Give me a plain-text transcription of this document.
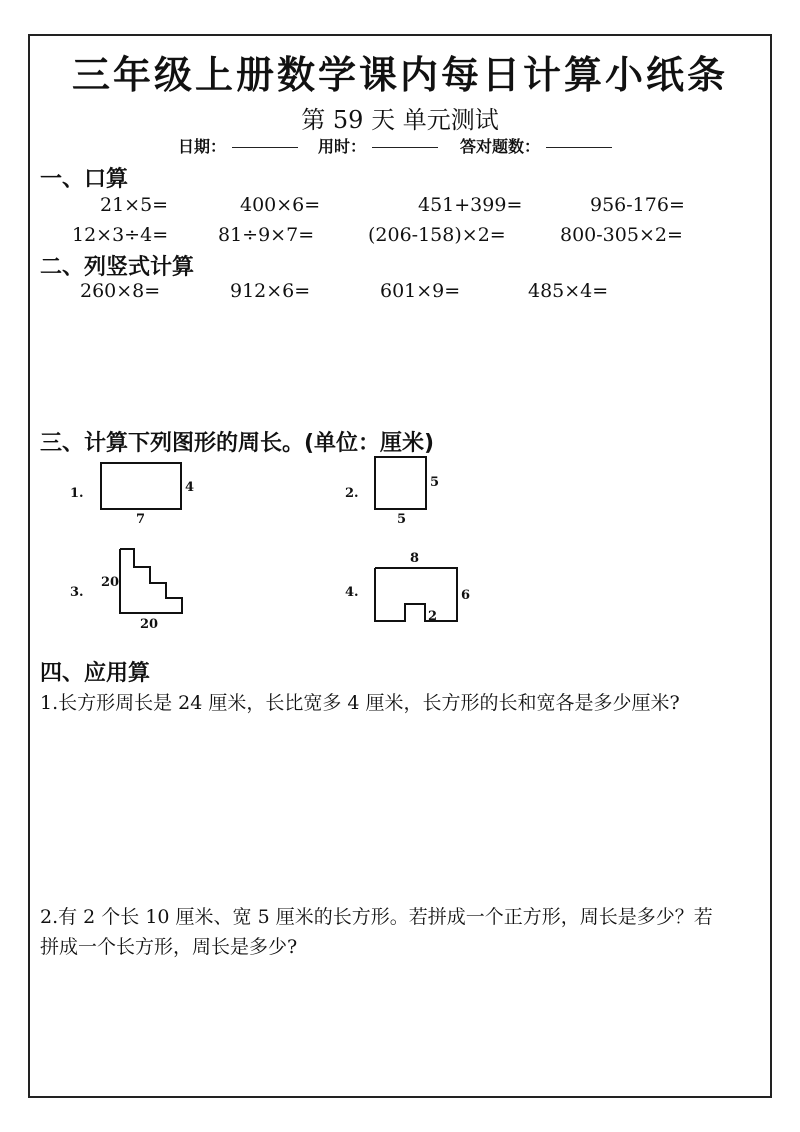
三年级上册数学课内每日计算小纸条
第 59 天 单元测试
日期：	用时：	答对题数：
一、口算
21×5=	400×6=	451+399=	956-176=
12×3÷4=	81÷9×7=	(206-158)×2=	800-305×2=
二、列竖式计算
260×8=	912×6=	601×9=	485×4=
三、计算下列图形的周长。(单位：厘米)
1.	4
7
2.
5
5
3.
20
20
4.
8
6
2
四、应用算
1.长方形周长是 24 厘米，长比宽多 4 厘米，长方形的长和宽各是多少厘米?
2.有 2 个长 10 厘米、宽 5 厘米的长方形。若拼成一个正方形，周长是多少？若
拼成一个长方形，周长是多少?
